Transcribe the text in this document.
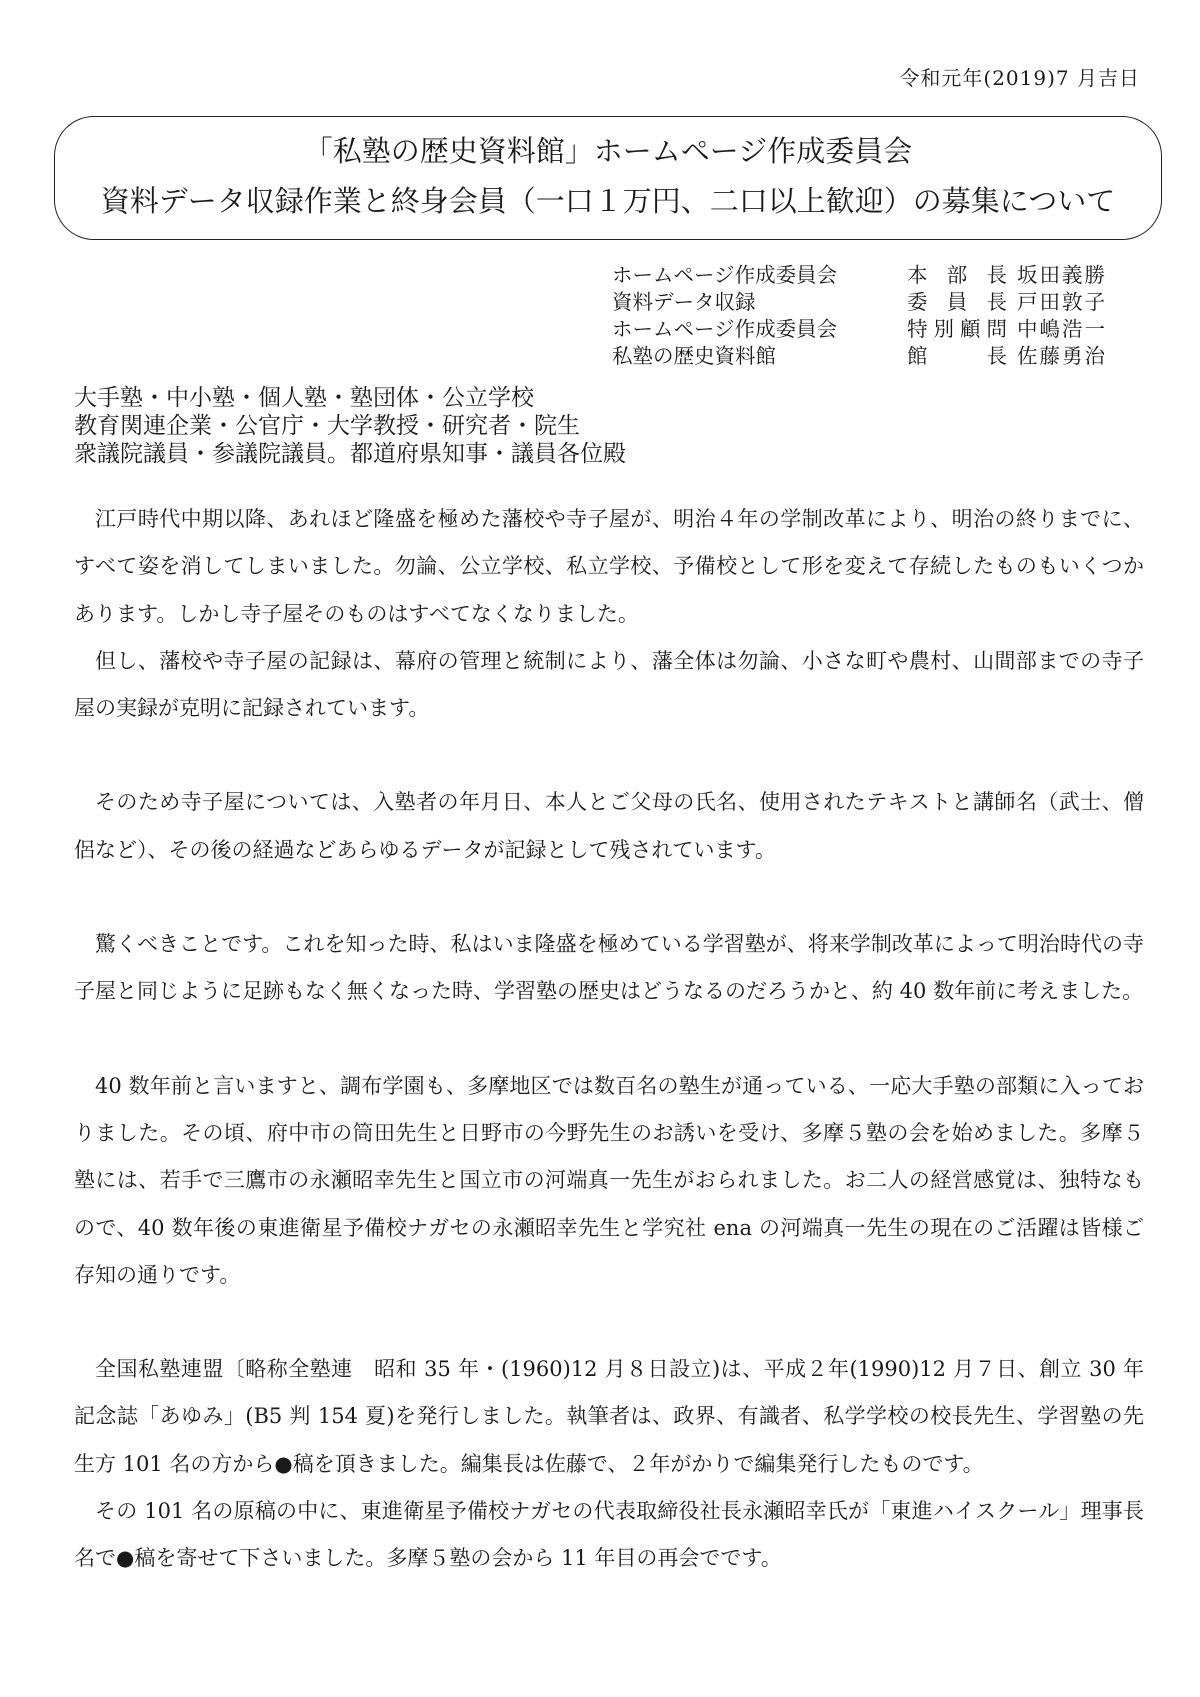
令和元年(2019)7 月吉日
「私塾の歴史資料館」ホームページ作成委員会
資料データ収録作業と終身会員（一口１万円、二口以上歓迎）の募集について
ホームページ作成委員会	本部長 坂田義勝
資料データ収録	委員長 戸田敦子
ホームページ作成委員会	特別顧問 中嶋浩一
私塾の歴史資料館	館長 佐藤勇治
大手塾・中小塾・個人塾・塾団体・公立学校
教育関連企業・公官庁・大学教授・研究者・院生
衆議院議員・参議院議員。都道府県知事・議員各位殿

江戸時代中期以降、あれほど隆盛を極めた藩校や寺子屋が、明治４年の学制改革により、明治の終りまでに、すべて姿を消してしまいました。勿論、公立学校、私立学校、予備校として形を変えて存続したものもいくつかあります。しかし寺子屋そのものはすべてなくなりました。

但し、藩校や寺子屋の記録は、幕府の管理と統制により、藩全体は勿論、小さな町や農村、山間部までの寺子屋の実録が克明に記録されています。

そのため寺子屋については、入塾者の年月日、本人とご父母の氏名、使用されたテキストと講師名（武士、僧侶など）、その後の経過などあらゆるデータが記録として残されています。

驚くべきことです。これを知った時、私はいま隆盛を極めている学習塾が、将来学制改革によって明治時代の寺子屋と同じように足跡もなく無くなった時、学習塾の歴史はどうなるのだろうかと、約 40 数年前に考えました。

40 数年前と言いますと、調布学園も、多摩地区では数百名の塾生が通っている、一応大手塾の部類に入っておりました。その頃、府中市の筒田先生と日野市の今野先生のお誘いを受け、多摩５塾の会を始めました。多摩５塾には、若手で三鷹市の永瀬昭幸先生と国立市の河端真一先生がおられました。お二人の経営感覚は、独特なもので、40 数年後の東進衛星予備校ナガセの永瀬昭幸先生と学究社 ena の河端真一先生の現在のご活躍は皆様ご存知の通りです。

全国私塾連盟〔略称全塾連　昭和 35 年・(1960)12 月８日設立)は、平成２年(1990)12 月７日、創立 30 年記念誌「あゆみ」(B5 判 154 夏)を発行しました。執筆者は、政界、有識者、私学学校の校長先生、学習塾の先生方 101 名の方から●稿を頂きました。編集長は佐藤で、２年がかりで編集発行したものです。

その 101 名の原稿の中に、東進衛星予備校ナガセの代表取締役社長永瀬昭幸氏が「東進ハイスクール」理事長名で●稿を寄せて下さいました。多摩５塾の会から 11 年目の再会でです。
